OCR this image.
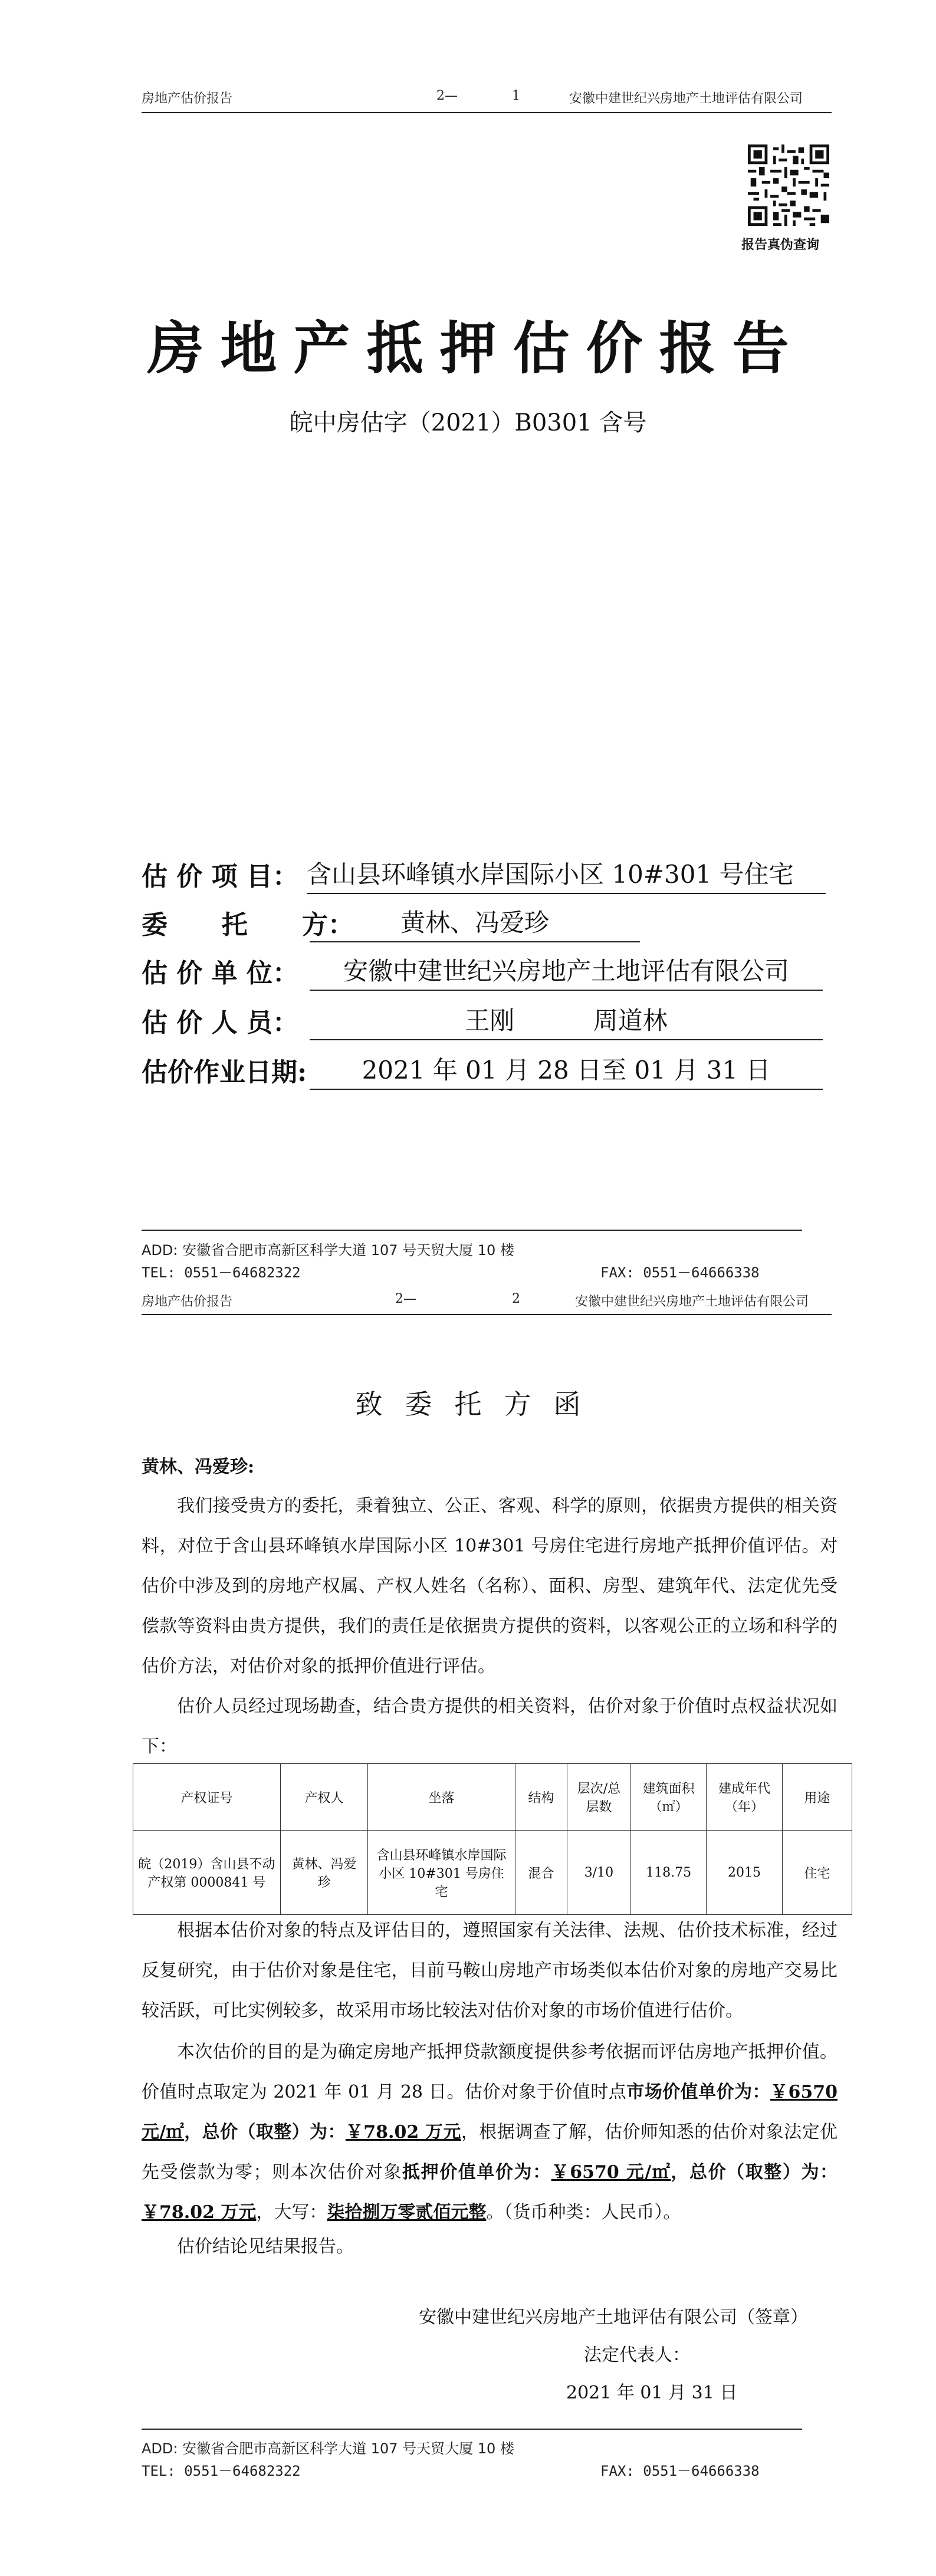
房地产估价报告	2—	1	安徽中建世纪兴房地产土地评估有限公司
报告真伪查询
房地产抵押估价报告
皖中房估字（2021）B0301 含号
估 价 项 目： 含山县环峰镇水岸国际小区 10#301 号住宅
委      托      方：	黄林、冯爱珍
估 价 单 位：	安徽中建世纪兴房地产土地评估有限公司
估 价 人 员：	王刚          周道林
估价作业日期:	2021 年 01 月 28 日至 01 月 31 日
ADD: 安徽省合肥市高新区科学大道 107 号天贸大厦 10 楼
TEL: 0551－64682322	FAX: 0551－64666338
房地产估价报告	2—	2	安徽中建世纪兴房地产土地评估有限公司
致委托方函
黄林、冯爱珍:
我们接受贵方的委托，秉着独立、公正、客观、科学的原则，依据贵方提供的相关资料，对位于含山县环峰镇水岸国际小区 10#301 号房住宅进行房地产抵押价值评估。对估价中涉及到的房地产权属、产权人姓名（名称）、面积、房型、建筑年代、法定优先受偿款等资料由贵方提供，我们的责任是依据贵方提供的资料，以客观公正的立场和科学的估价方法，对估价对象的抵押价值进行评估。
估价人员经过现场勘查，结合贵方提供的相关资料，估价对象于价值时点权益状况如下：
产权证号	产权人	坐落	结构	层次/总层数	建筑面积（㎡）	建成年代（年）	用途
皖（2019）含山县不动产权第 0000841 号	黄林、冯爱珍	含山县环峰镇水岸国际小区 10#301 号房住宅	混合	3/10	118.75	2015	住宅
根据本估价对象的特点及评估目的，遵照国家有关法律、法规、估价技术标准，经过反复研究，由于估价对象是住宅，目前马鞍山房地产市场类似本估价对象的房地产交易比较活跃，可比实例较多，故采用市场比较法对估价对象的市场价值进行估价。
本次估价的目的是为确定房地产抵押贷款额度提供参考依据而评估房地产抵押价值。价值时点取定为 2021 年 01 月 28 日。估价对象于价值时点市场价值单价为：￥6570 元/㎡，总价（取整）为：￥78.02 万元，根据调查了解，估价师知悉的估价对象法定优先受偿款为零；则本次估价对象抵押价值单价为：￥6570 元/㎡，总价（取整）为：￥78.02 万元，大写：柒拾捌万零贰佰元整。（货币种类：人民币）。
估价结论见结果报告。
安徽中建世纪兴房地产土地评估有限公司（签章）
法定代表人：
2021 年 01 月 31 日
ADD: 安徽省合肥市高新区科学大道 107 号天贸大厦 10 楼
TEL: 0551－64682322	FAX: 0551－64666338
